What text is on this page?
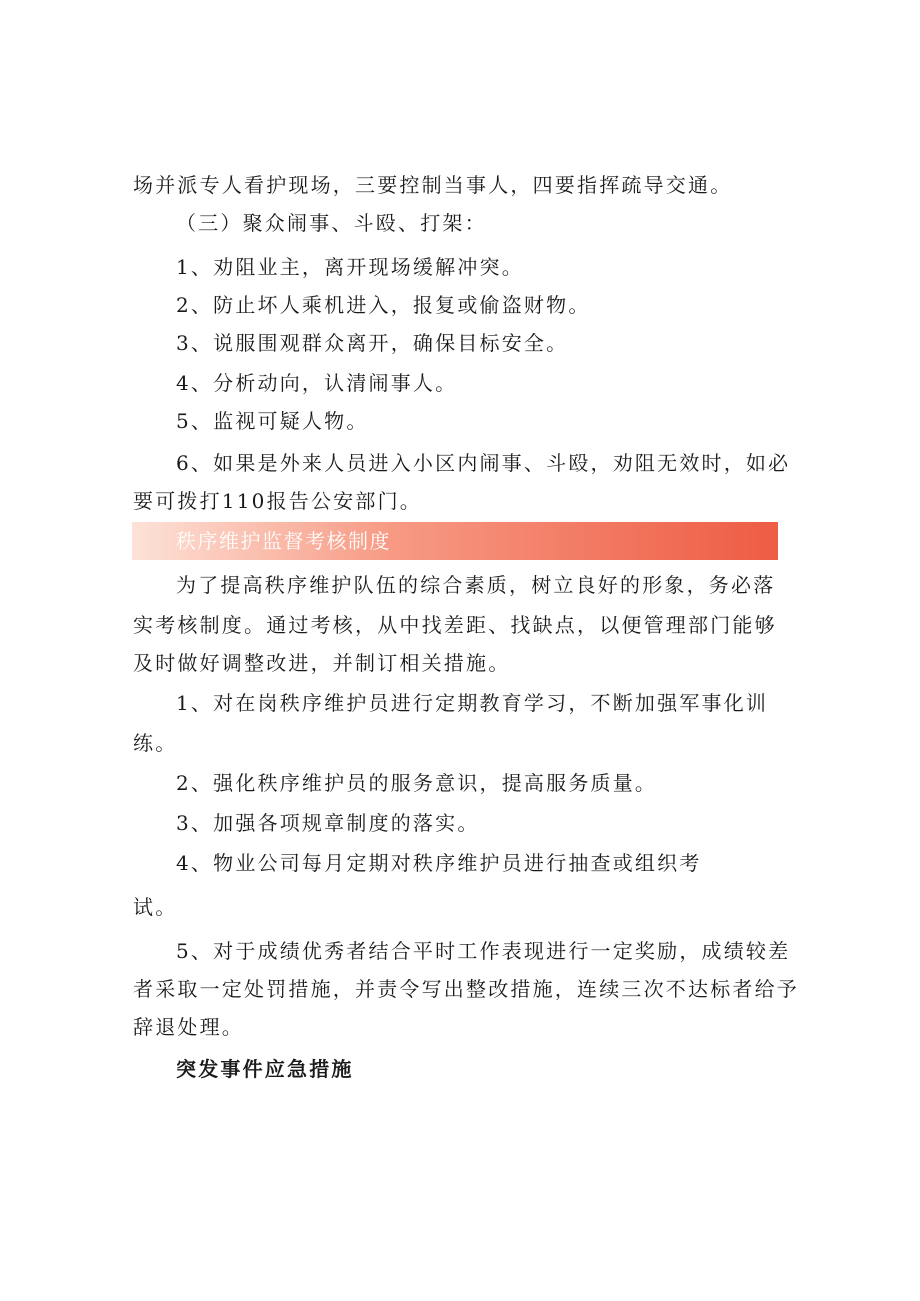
场并派专人看护现场，三要控制当事人，四要指挥疏导交通。
（三）聚众闹事、斗殴、打架：
1、劝阻业主，离开现场缓解冲突。
2、防止坏人乘机进入，报复或偷盗财物。
3、说服围观群众离开，确保目标安全。
4、分析动向，认清闹事人。
5、监视可疑人物。
6、如果是外来人员进入小区内闹事、斗殴，劝阻无效时，如必
要可拨打110报告公安部门。
秩序维护监督考核制度
为了提高秩序维护队伍的综合素质，树立良好的形象，务必落
实考核制度。通过考核，从中找差距、找缺点，以便管理部门能够
及时做好调整改进，并制订相关措施。
1、对在岗秩序维护员进行定期教育学习，不断加强军事化训
练。
2、强化秩序维护员的服务意识，提高服务质量。
3、加强各项规章制度的落实。
4、物业公司每月定期对秩序维护员进行抽查或组织考
试。
5、对于成绩优秀者结合平时工作表现进行一定奖励，成绩较差
者采取一定处罚措施，并责令写出整改措施，连续三次不达标者给予
辞退处理。
突发事件应急措施
